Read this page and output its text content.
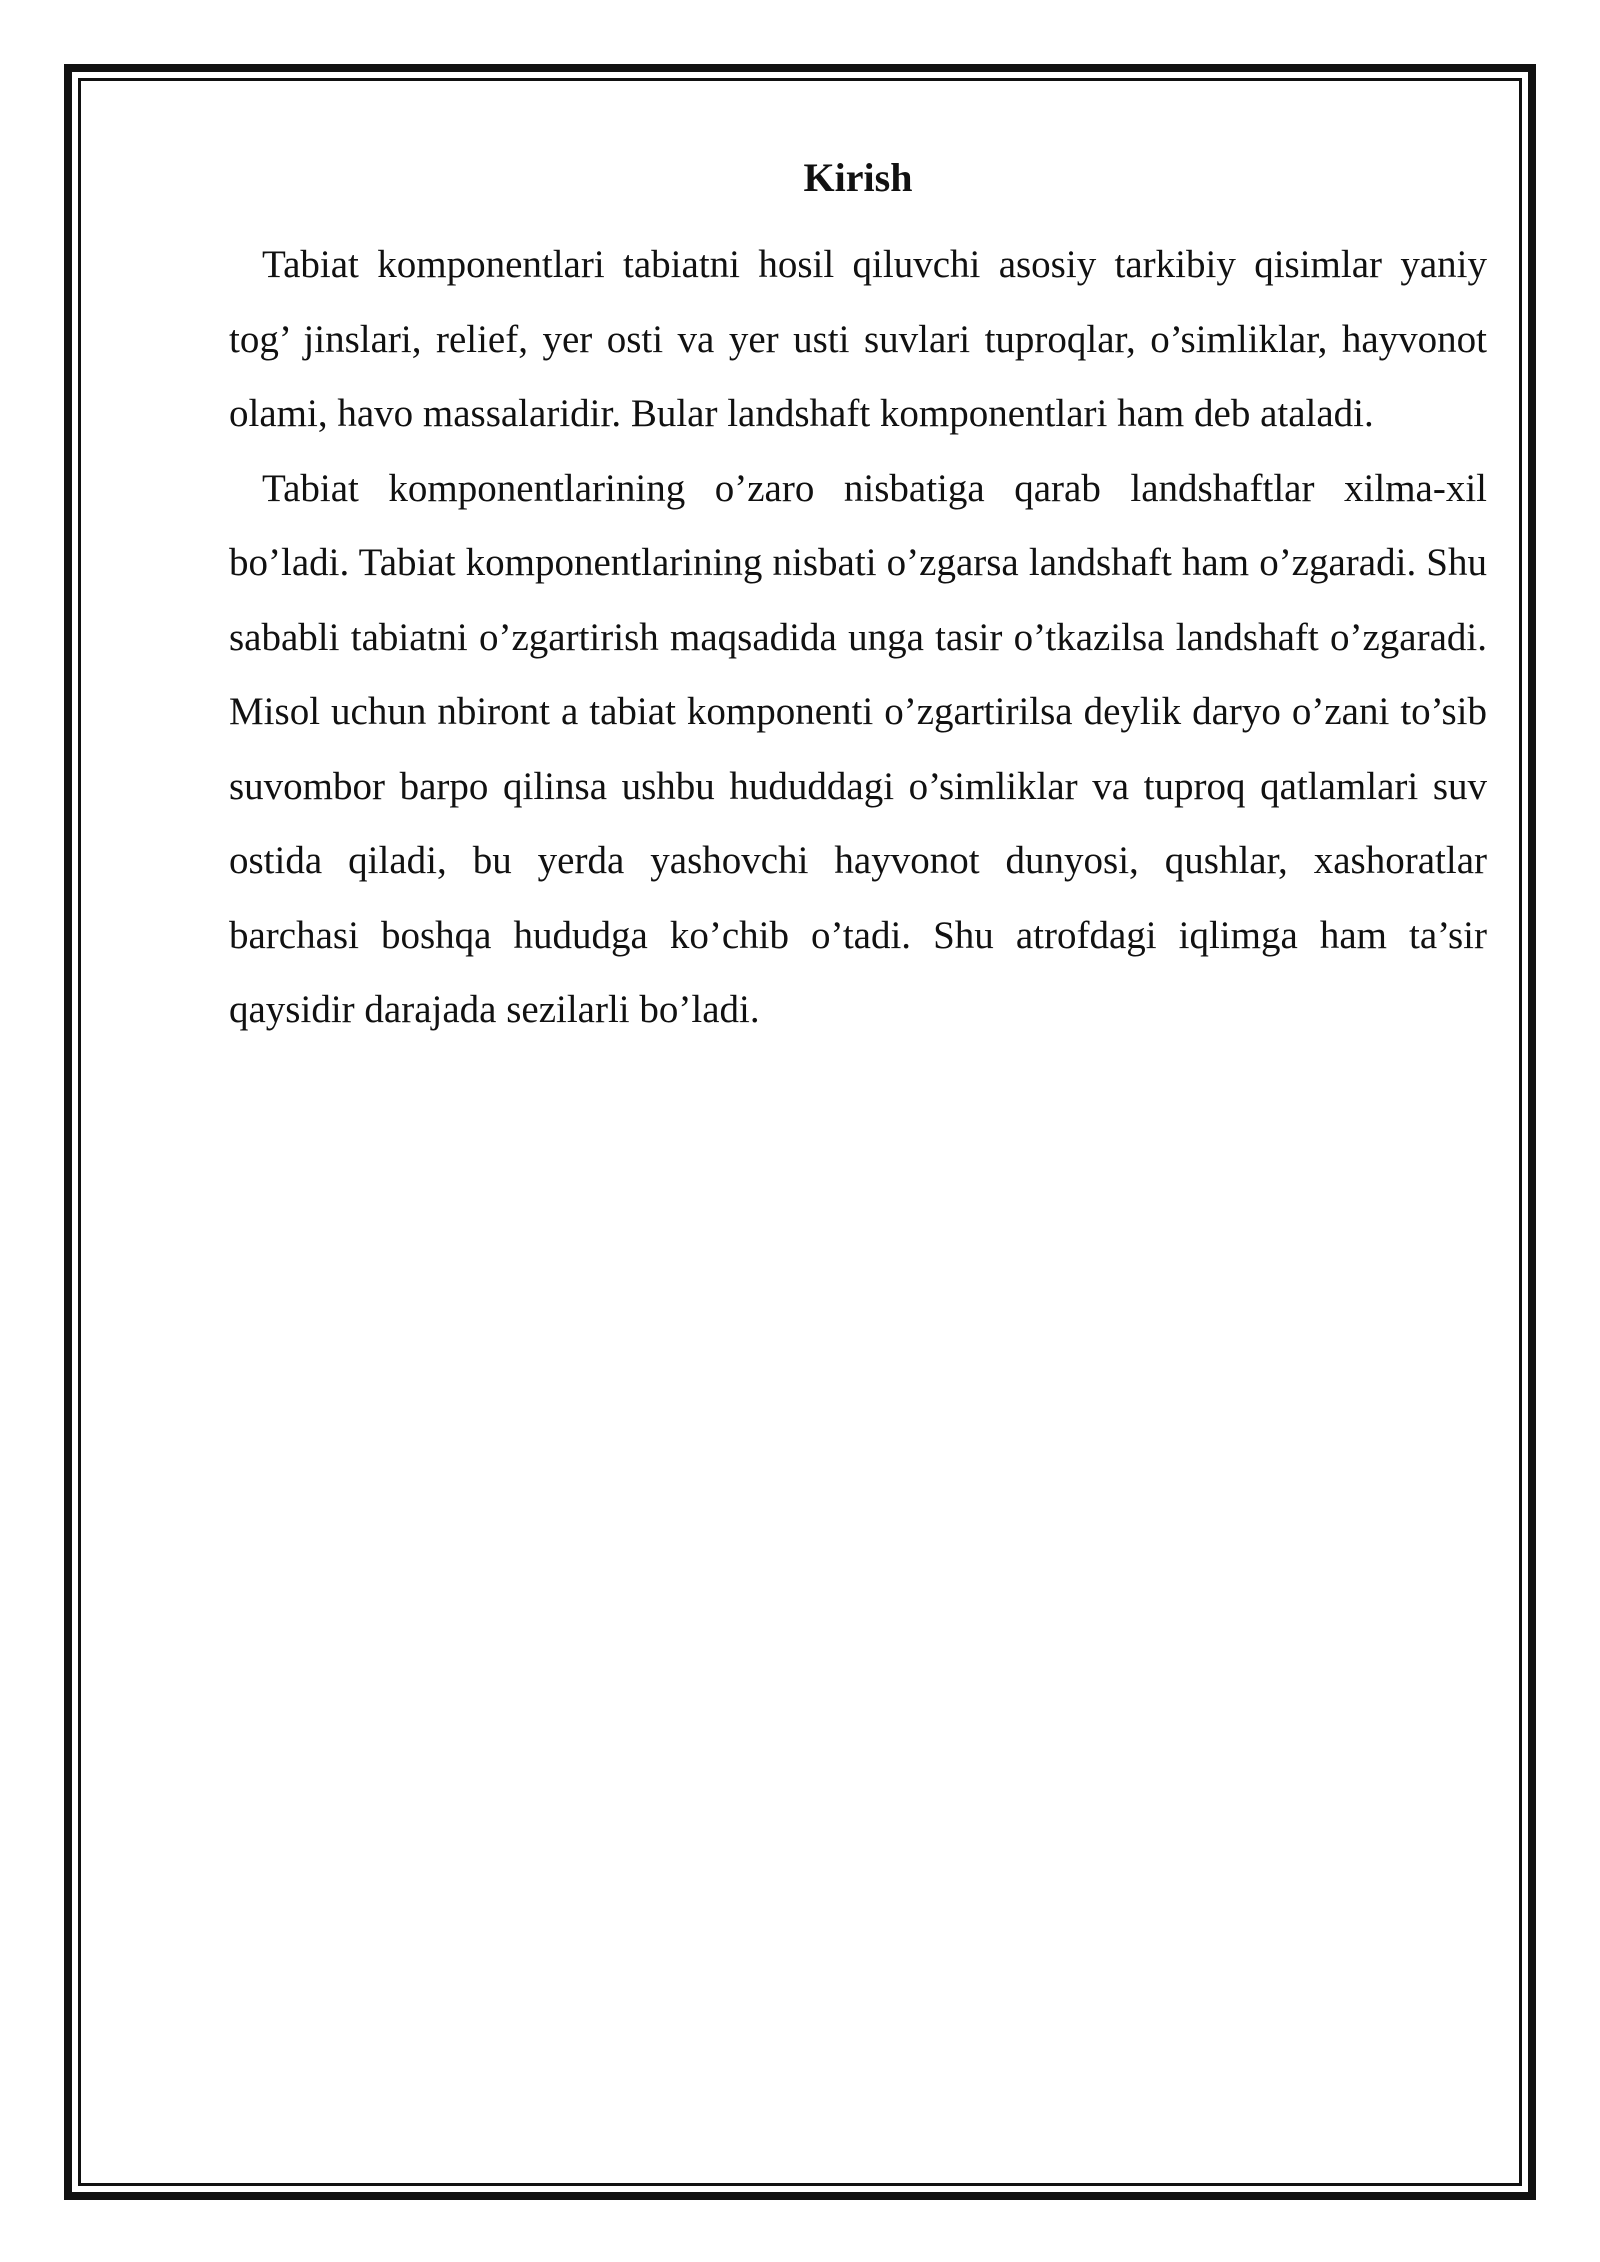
Kirish

Tabiat komponentlari tabiatni hosil qiluvchi asosiy tarkibiy qisimlar yaniy tog’ jinslari, relief, yer osti va yer usti suvlari tuproqlar, o’simliklar, hayvonot olami, havo massalaridir. Bular landshaft komponentlari ham deb ataladi.

Tabiat komponentlarining o’zaro nisbatiga qarab landshaftlar xilma-xil bo’ladi. Tabiat komponentlarining nisbati o’zgarsa landshaft ham o’zgaradi. Shu sababli tabiatni o’zgartirish maqsadida unga tasir o’tkazilsa landshaft o’zgaradi. Misol uchun nbiront a tabiat komponenti o’zgartirilsa deylik daryo o’zani to’sib suvombor barpo qilinsa ushbu hududdagi o’simliklar va tuproq qatlamlari suv ostida qiladi, bu yerda yashovchi hayvonot dunyosi, qushlar, xashoratlar barchasi boshqa hududga ko’chib o’tadi. Shu atrofdagi iqlimga ham ta’sir qaysidir darajada sezilarli bo’ladi.
